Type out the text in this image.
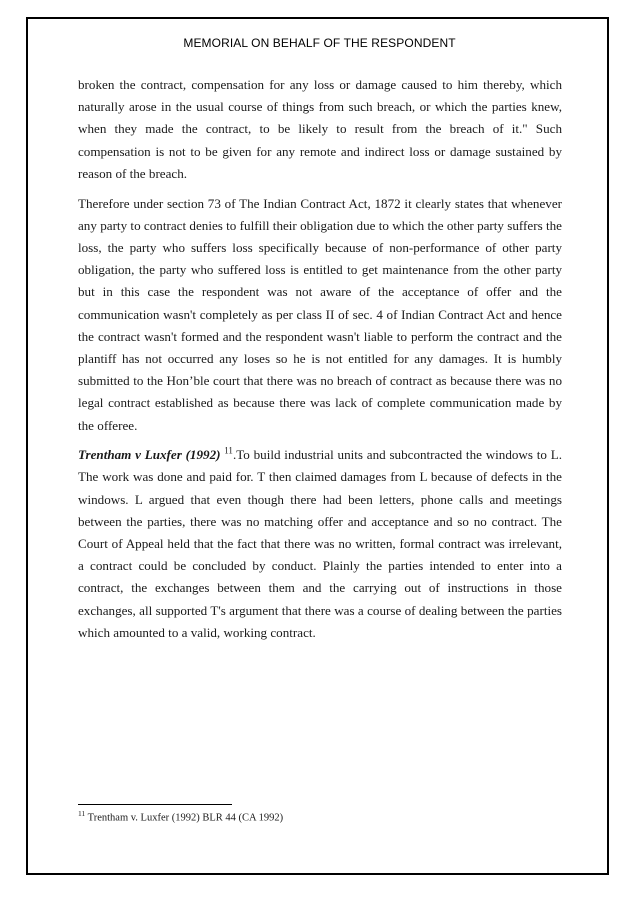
MEMORIAL ON BEHALF OF THE RESPONDENT

broken the contract, compensation for any loss or damage caused to him thereby, which naturally arose in the usual course of things from such breach, or which the parties knew, when they made the contract, to be likely to result from the breach of it." Such compensation is not to be given for any remote and indirect loss or damage sustained by reason of the breach.

Therefore under section 73 of The Indian Contract Act, 1872 it clearly states that whenever any party to contract denies to fulfill their obligation due to which the other party suffers the loss, the party who suffers loss specifically because of non-performance of other party obligation, the party who suffered loss is entitled to get maintenance from the other party but in this case the respondent was not aware of the acceptance of offer and the communication wasn't completely as per class II of sec. 4 of Indian Contract Act and hence the contract wasn't formed and the respondent wasn't liable to perform the contract and the plantiff has not occurred any loses so he is not entitled for any damages. It is humbly submitted to the Hon’ble court that there was no breach of contract as because there was no legal contract established as because there was lack of complete communication made by the offeree.

Trentham v Luxfer (1992) $^{11}$.To build industrial units and subcontracted the windows to L. The work was done and paid for. T then claimed damages from L because of defects in the windows. L argued that even though there had been letters, phone calls and meetings between the parties, there was no matching offer and acceptance and so no contract. The Court of Appeal held that the fact that there was no written, formal contract was irrelevant, a contract could be concluded by conduct. Plainly the parties intended to enter into a contract, the exchanges between them and the carrying out of instructions in those exchanges, all supported T's argument that there was a course of dealing between the parties which amounted to a valid, working contract.

$^{11}$ Trentham v. Luxfer (1992) BLR 44 (CA 1992)
